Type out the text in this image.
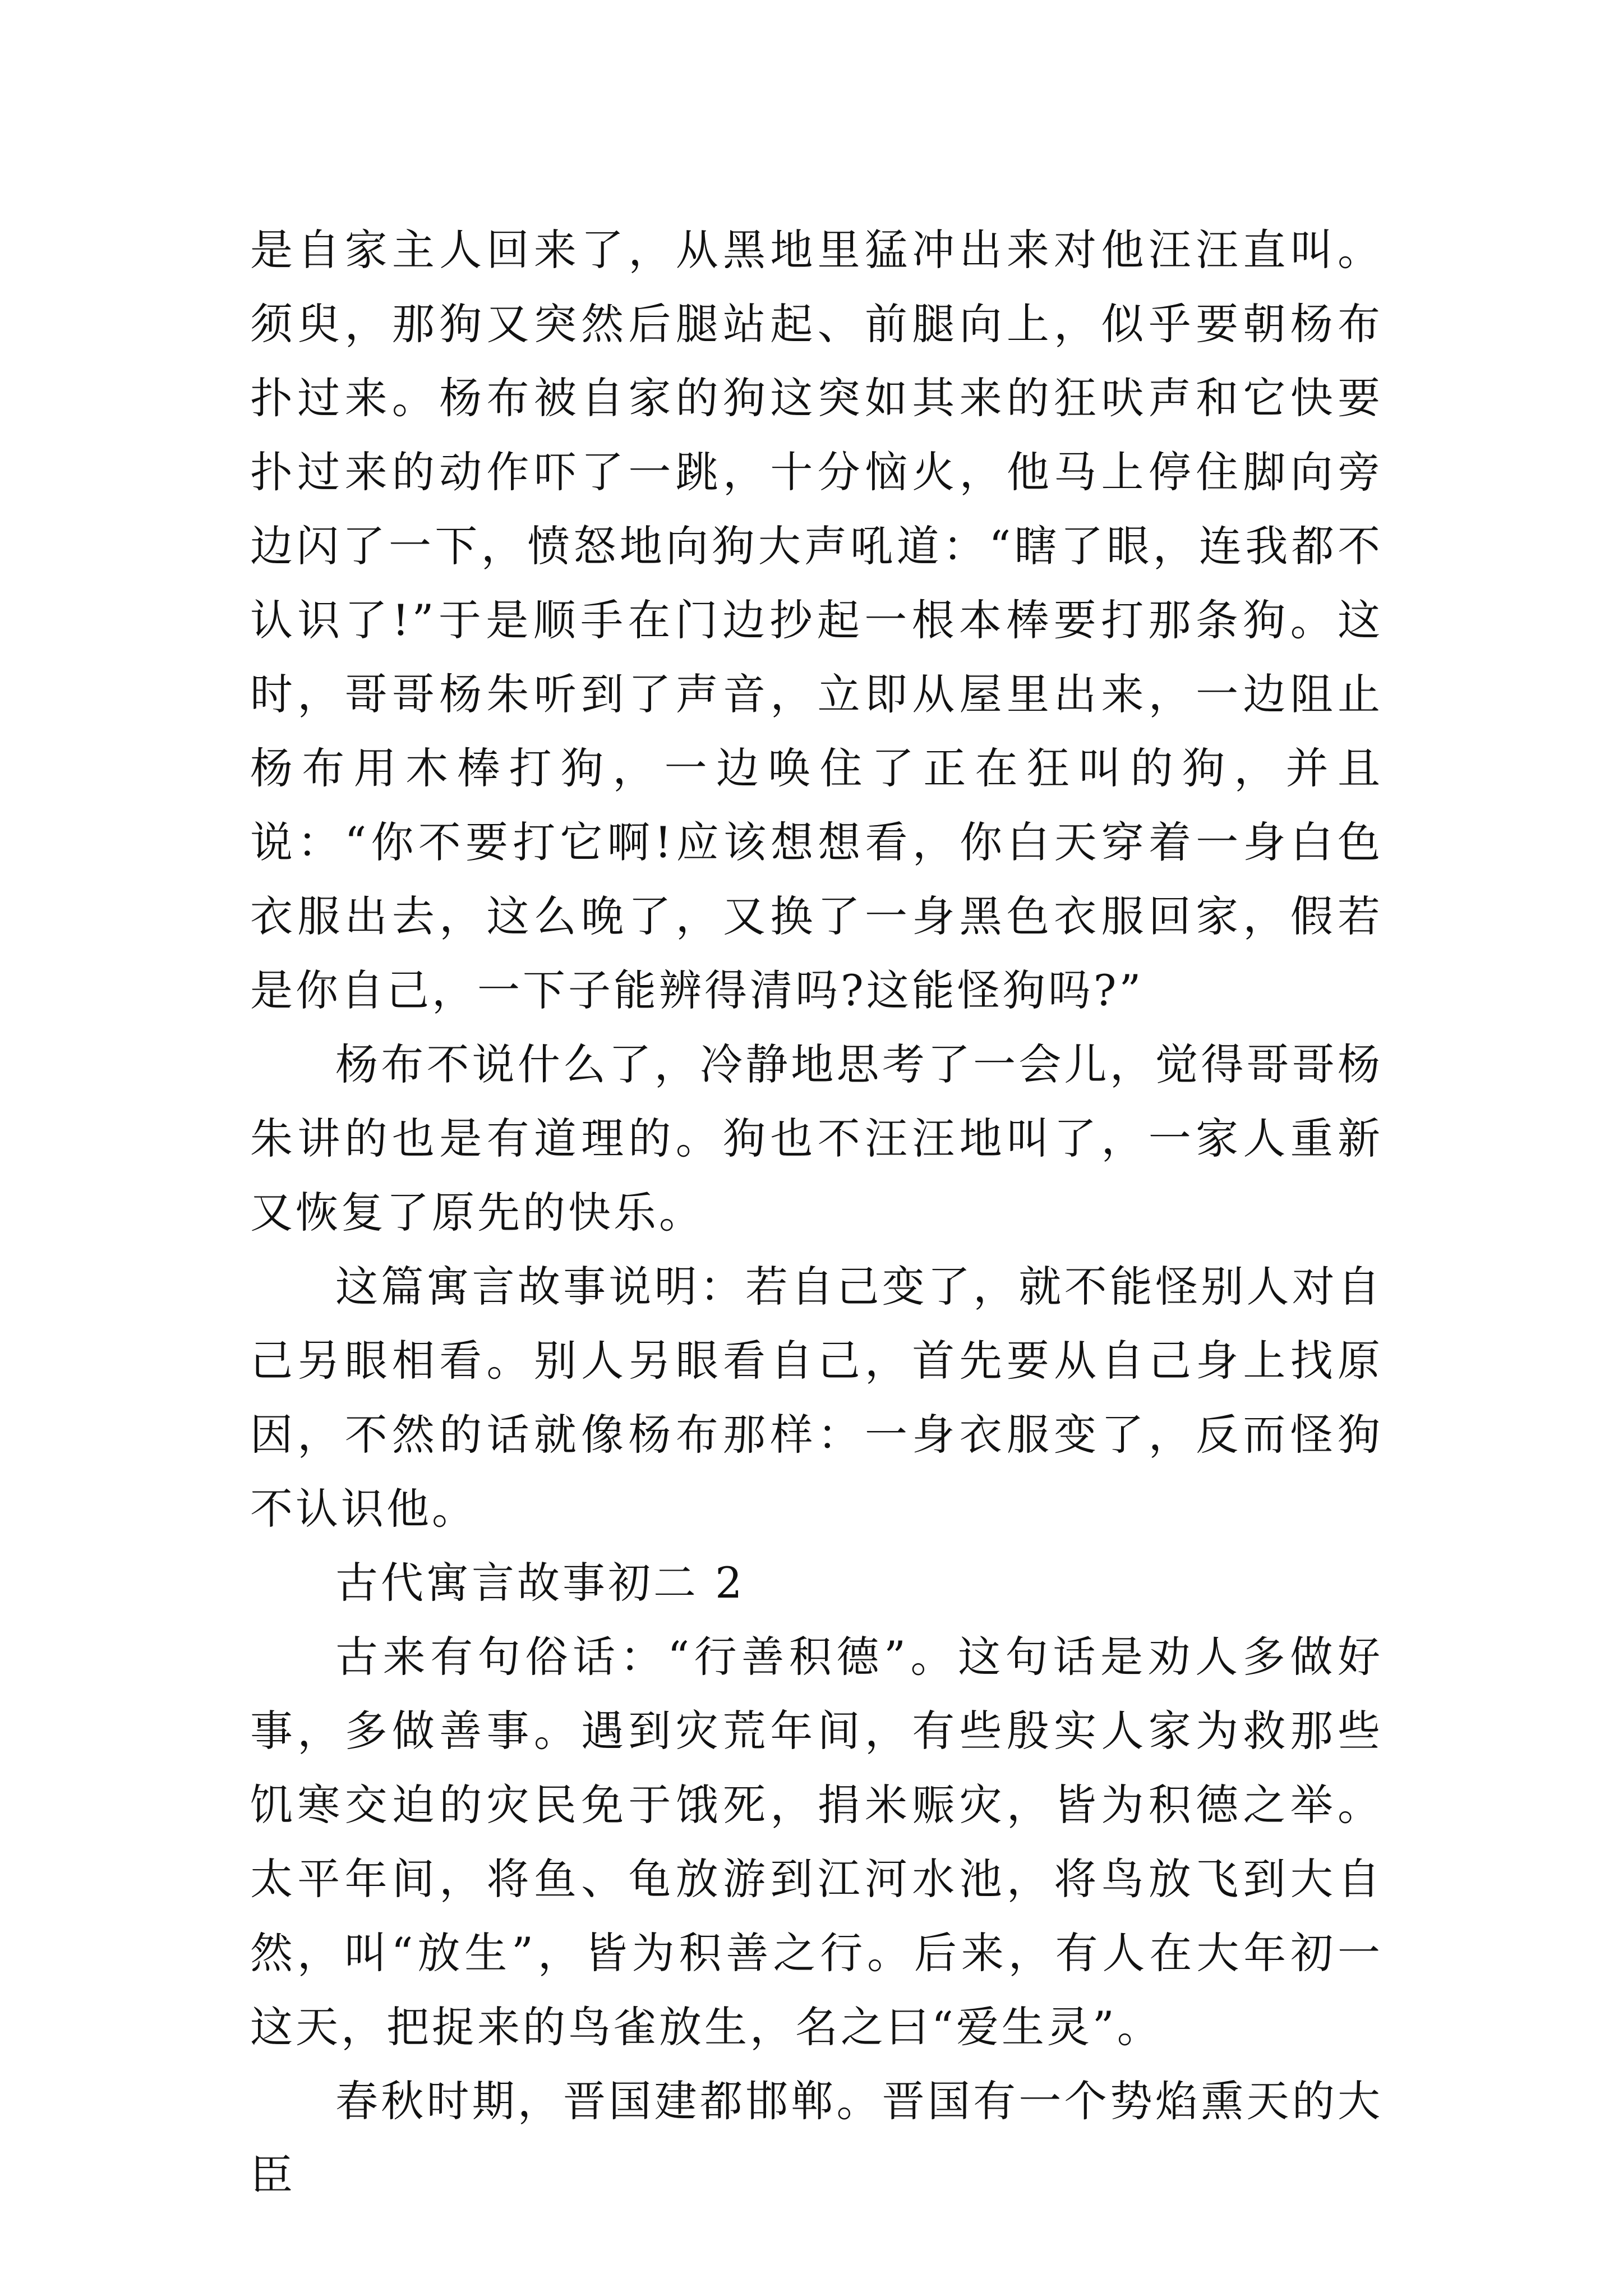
是自家主人回来了，从黑地里猛冲出来对他汪汪直叫。须臾，那狗又突然后腿站起、前腿向上，似乎要朝杨布扑过来。杨布被自家的狗这突如其来的狂吠声和它快要扑过来的动作吓了一跳，十分恼火，他马上停住脚向旁边闪了一下，愤怒地向狗大声吼道：“瞎了眼，连我都不认识了!”于是顺手在门边抄起一根本棒要打那条狗。这时，哥哥杨朱听到了声音，立即从屋里出来，一边阻止杨布用木棒打狗，一边唤住了正在狂叫的狗，并且说：“你不要打它啊!应该想想看，你白天穿着一身白色衣服出去，这么晚了，又换了一身黑色衣服回家，假若是你自己，一下子能辨得清吗?这能怪狗吗?”

杨布不说什么了，冷静地思考了一会儿，觉得哥哥杨朱讲的也是有道理的。狗也不汪汪地叫了，一家人重新又恢复了原先的快乐。

这篇寓言故事说明：若自己变了，就不能怪别人对自己另眼相看。别人另眼看自己，首先要从自己身上找原因，不然的话就像杨布那样：一身衣服变了，反而怪狗不认识他。

古代寓言故事初二 2

古来有句俗话：“行善积德”。这句话是劝人多做好事，多做善事。遇到灾荒年间，有些殷实人家为救那些饥寒交迫的灾民免于饿死，捐米赈灾，皆为积德之举。太平年间，将鱼、龟放游到江河水池，将鸟放飞到大自然，叫“放生”，皆为积善之行。后来，有人在大年初一这天，把捉来的鸟雀放生，名之曰“爱生灵”。

春秋时期，晋国建都邯郸。晋国有一个势焰熏天的大臣
